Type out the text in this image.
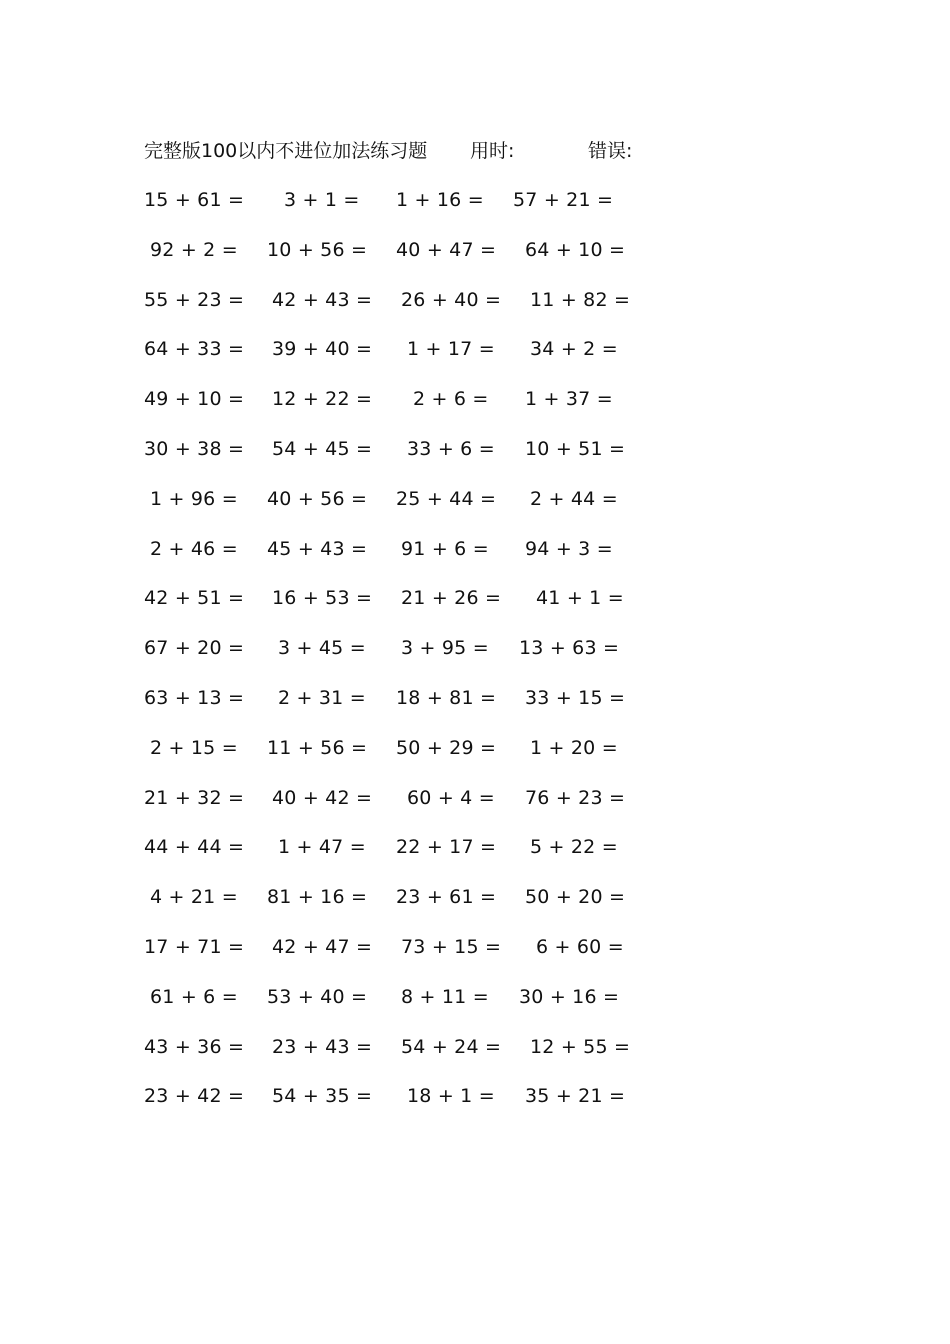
完整版100以内不进位加法练习题 用时:	错误:
15 + 61 = 3 + 1 = 1 + 16 = 57 + 21 =
92 + 2 = 10 + 56 = 40 + 47 = 64 + 10 =
55 + 23 = 42 + 43 = 26 + 40 = 11 + 82 =
64 + 33 = 39 + 40 = 1 + 17 = 34 + 2 =
49 + 10 = 12 + 22 = 2 + 6 = 1 + 37 =
30 + 38 = 54 + 45 = 33 + 6 = 10 + 51 =
1 + 96 = 40 + 56 = 25 + 44 = 2 + 44 =
2 + 46 = 45 + 43 = 91 + 6 = 94 + 3 =
42 + 51 = 16 + 53 = 21 + 26 = 41 + 1 =
67 + 20 = 3 + 45 = 3 + 95 = 13 + 63 =
63 + 13 = 2 + 31 = 18 + 81 = 33 + 15 =
2 + 15 = 11 + 56 = 50 + 29 = 1 + 20 =
21 + 32 = 40 + 42 = 60 + 4 = 76 + 23 =
44 + 44 = 1 + 47 = 22 + 17 = 5 + 22 =
4 + 21 = 81 + 16 = 23 + 61 = 50 + 20 =
17 + 71 = 42 + 47 = 73 + 15 = 6 + 60 =
61 + 6 = 53 + 40 = 8 + 11 = 30 + 16 =
43 + 36 = 23 + 43 = 54 + 24 = 12 + 55 =
23 + 42 = 54 + 35 = 18 + 1 = 35 + 21 =
